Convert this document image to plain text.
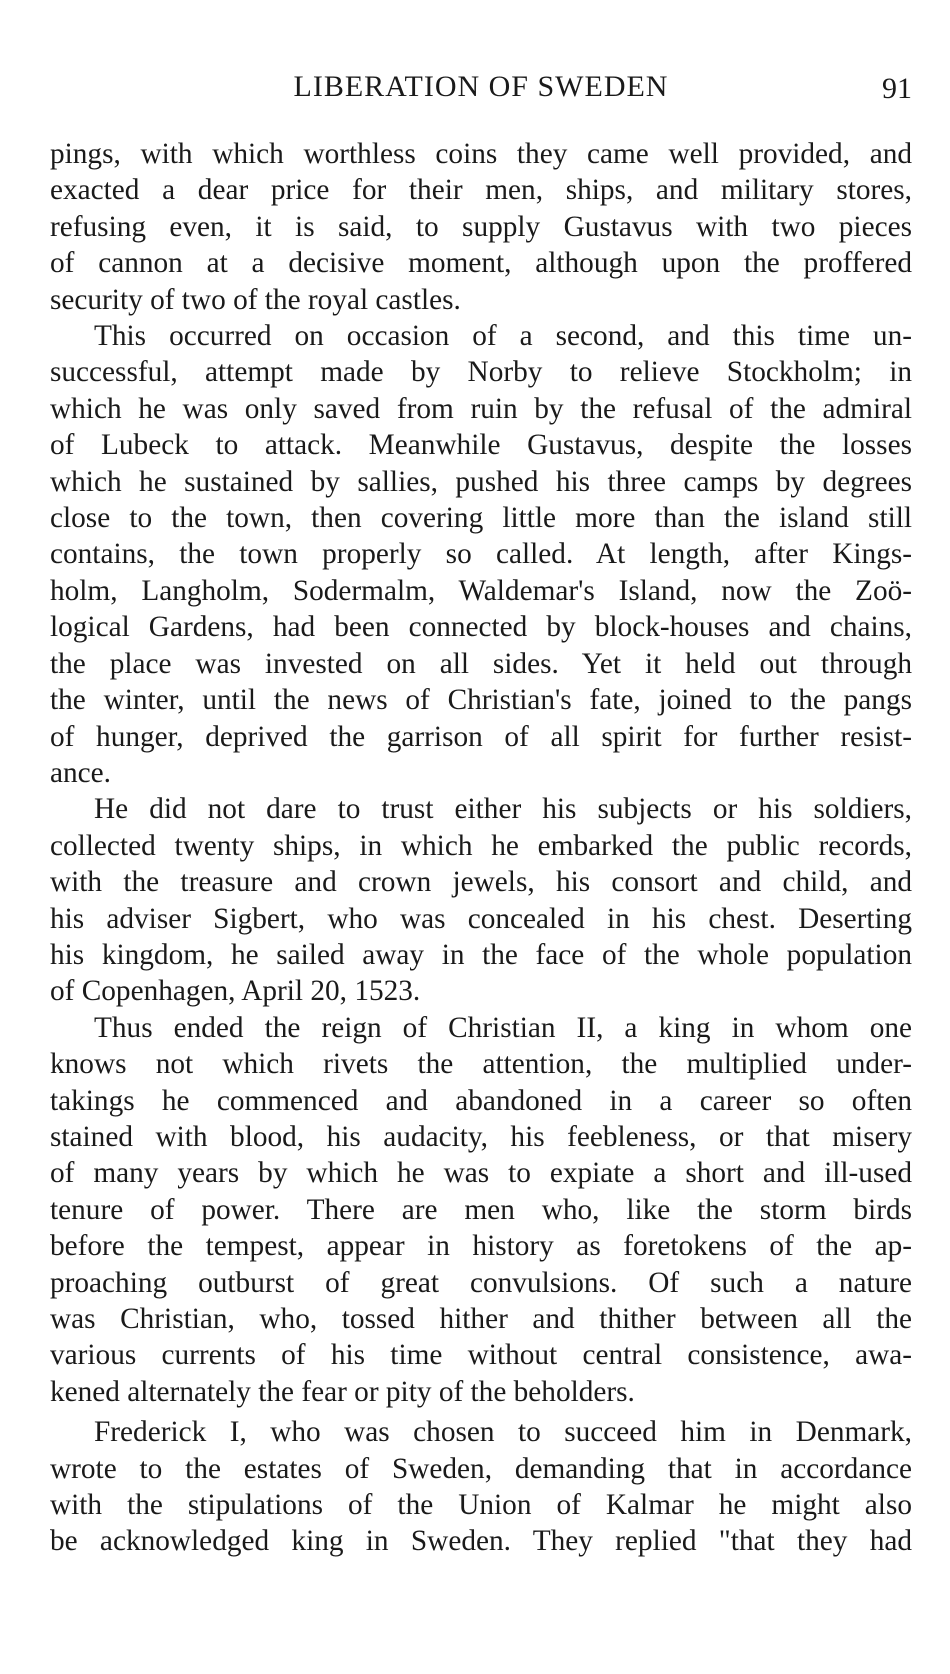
LIBERATION OF SWEDEN	91

pings, with which worthless coins they came well provided, and
exacted a dear price for their men, ships, and military stores,
refusing even, it is said, to supply Gustavus with two pieces
of cannon at a decisive moment, although upon the proffered
security of two of the royal castles.

This occurred on occasion of a second, and this time un-
successful, attempt made by Norby to relieve Stockholm; in
which he was only saved from ruin by the refusal of the admiral
of Lubeck to attack. Meanwhile Gustavus, despite the losses
which he sustained by sallies, pushed his three camps by degrees
close to the town, then covering little more than the island still
contains, the town properly so called. At length, after Kings-
holm, Langholm, Sodermalm, Waldemar's Island, now the Zoö-
logical Gardens, had been connected by block-houses and chains,
the place was invested on all sides. Yet it held out through
the winter, until the news of Christian's fate, joined to the pangs
of hunger, deprived the garrison of all spirit for further resist-
ance.

He did not dare to trust either his subjects or his soldiers,
collected twenty ships, in which he embarked the public records,
with the treasure and crown jewels, his consort and child, and
his adviser Sigbert, who was concealed in his chest. Deserting
his kingdom, he sailed away in the face of the whole population
of Copenhagen, April 20, 1523.

Thus ended the reign of Christian II, a king in whom one
knows not which rivets the attention, the multiplied under-
takings he commenced and abandoned in a career so often
stained with blood, his audacity, his feebleness, or that misery
of many years by which he was to expiate a short and ill-used
tenure of power. There are men who, like the storm birds
before the tempest, appear in history as foretokens of the ap-
proaching outburst of great convulsions. Of such a nature
was Christian, who, tossed hither and thither between all the
various currents of his time without central consistence, awa-
kened alternately the fear or pity of the beholders.

Frederick I, who was chosen to succeed him in Denmark,
wrote to the estates of Sweden, demanding that in accordance
with the stipulations of the Union of Kalmar he might also
be acknowledged king in Sweden. They replied "that they had
